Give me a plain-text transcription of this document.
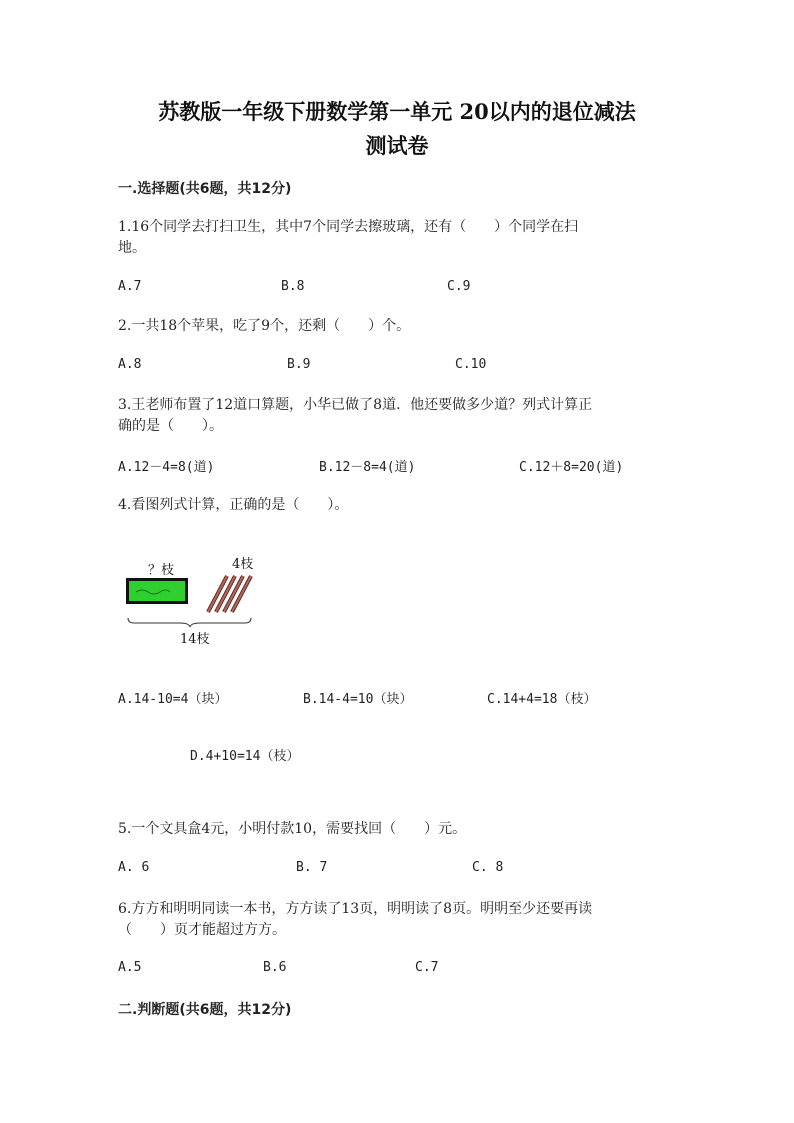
苏教版一年级下册数学第一单元 20以内的退位减法
测试卷
一.选择题(共6题，共12分)
1.16个同学去打扫卫生，其中7个同学去擦玻璃，还有（　　）个同学在扫
地。
A.7	B.8	C.9
2.一共18个苹果，吃了9个，还剩（　　）个。
A.8	B.9	C.10
3.王老师布置了12道口算题，小华已做了8道．他还要做多少道？列式计算正
确的是（　　）。
A.12－4=8(道)	B.12－8=4(道)	C.12＋8=20(道)
4.看图列式计算，正确的是（　　）。
？枝	4枝
14枝
A.14-10=4（块）	B.14-4=10（块）	C.14+4=18（枝）
D.4+10=14（枝）
5.一个文具盒4元，小明付款10，需要找回（　　）元。
A. 6	B. 7	C. 8
6.方方和明明同读一本书，方方读了13页，明明读了8页。明明至少还要再读
（　　）页才能超过方方。
A.5	B.6	C.7
二.判断题(共6题，共12分)
